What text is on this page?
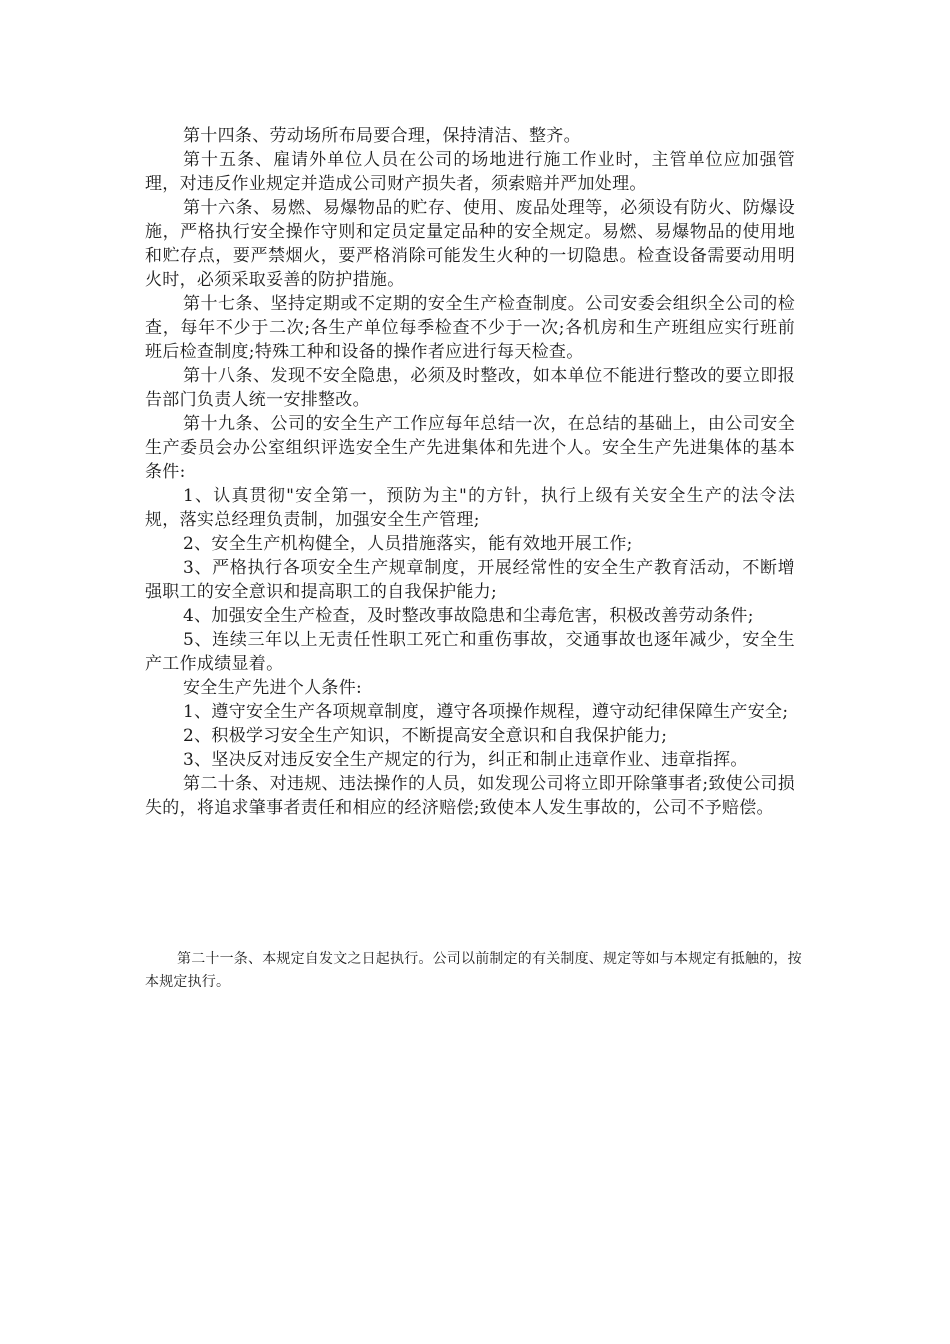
第十四条、劳动场所布局要合理，保持清洁、整齐。

第十五条、雇请外单位人员在公司的场地进行施工作业时，主管单位应加强管理，对违反作业规定并造成公司财产损失者，须索赔并严加处理。

第十六条、易燃、易爆物品的贮存、使用、废品处理等，必须设有防火、防爆设施，严格执行安全操作守则和定员定量定品种的安全规定。易燃、易爆物品的使用地和贮存点，要严禁烟火，要严格消除可能发生火种的一切隐患。检查设备需要动用明火时，必须采取妥善的防护措施。

第十七条、坚持定期或不定期的安全生产检查制度。公司安委会组织全公司的检查，每年不少于二次;各生产单位每季检查不少于一次;各机房和生产班组应实行班前班后检查制度;特殊工种和设备的操作者应进行每天检查。

第十八条、发现不安全隐患，必须及时整改，如本单位不能进行整改的要立即报告部门负责人统一安排整改。

第十九条、公司的安全生产工作应每年总结一次，在总结的基础上，由公司安全生产委员会办公室组织评选安全生产先进集体和先进个人。安全生产先进集体的基本条件:

1、认真贯彻"安全第一，预防为主"的方针，执行上级有关安全生产的法令法规，落实总经理负责制，加强安全生产管理;

2、安全生产机构健全，人员措施落实，能有效地开展工作;

3、严格执行各项安全生产规章制度，开展经常性的安全生产教育活动，不断增强职工的安全意识和提高职工的自我保护能力;

4、加强安全生产检查，及时整改事故隐患和尘毒危害，积极改善劳动条件;

5、连续三年以上无责任性职工死亡和重伤事故，交通事故也逐年减少，安全生产工作成绩显着。

安全生产先进个人条件:

1、遵守安全生产各项规章制度，遵守各项操作规程，遵守动纪律保障生产安全;

2、积极学习安全生产知识，不断提高安全意识和自我保护能力;

3、坚决反对违反安全生产规定的行为，纠正和制止违章作业、违章指挥。

第二十条、对违规、违法操作的人员，如发现公司将立即开除肇事者;致使公司损失的，将追求肇事者责任和相应的经济赔偿;致使本人发生事故的，公司不予赔偿。

第二十一条、本规定自发文之日起执行。公司以前制定的有关制度、规定等如与本规定有抵触的，按本规定执行。
